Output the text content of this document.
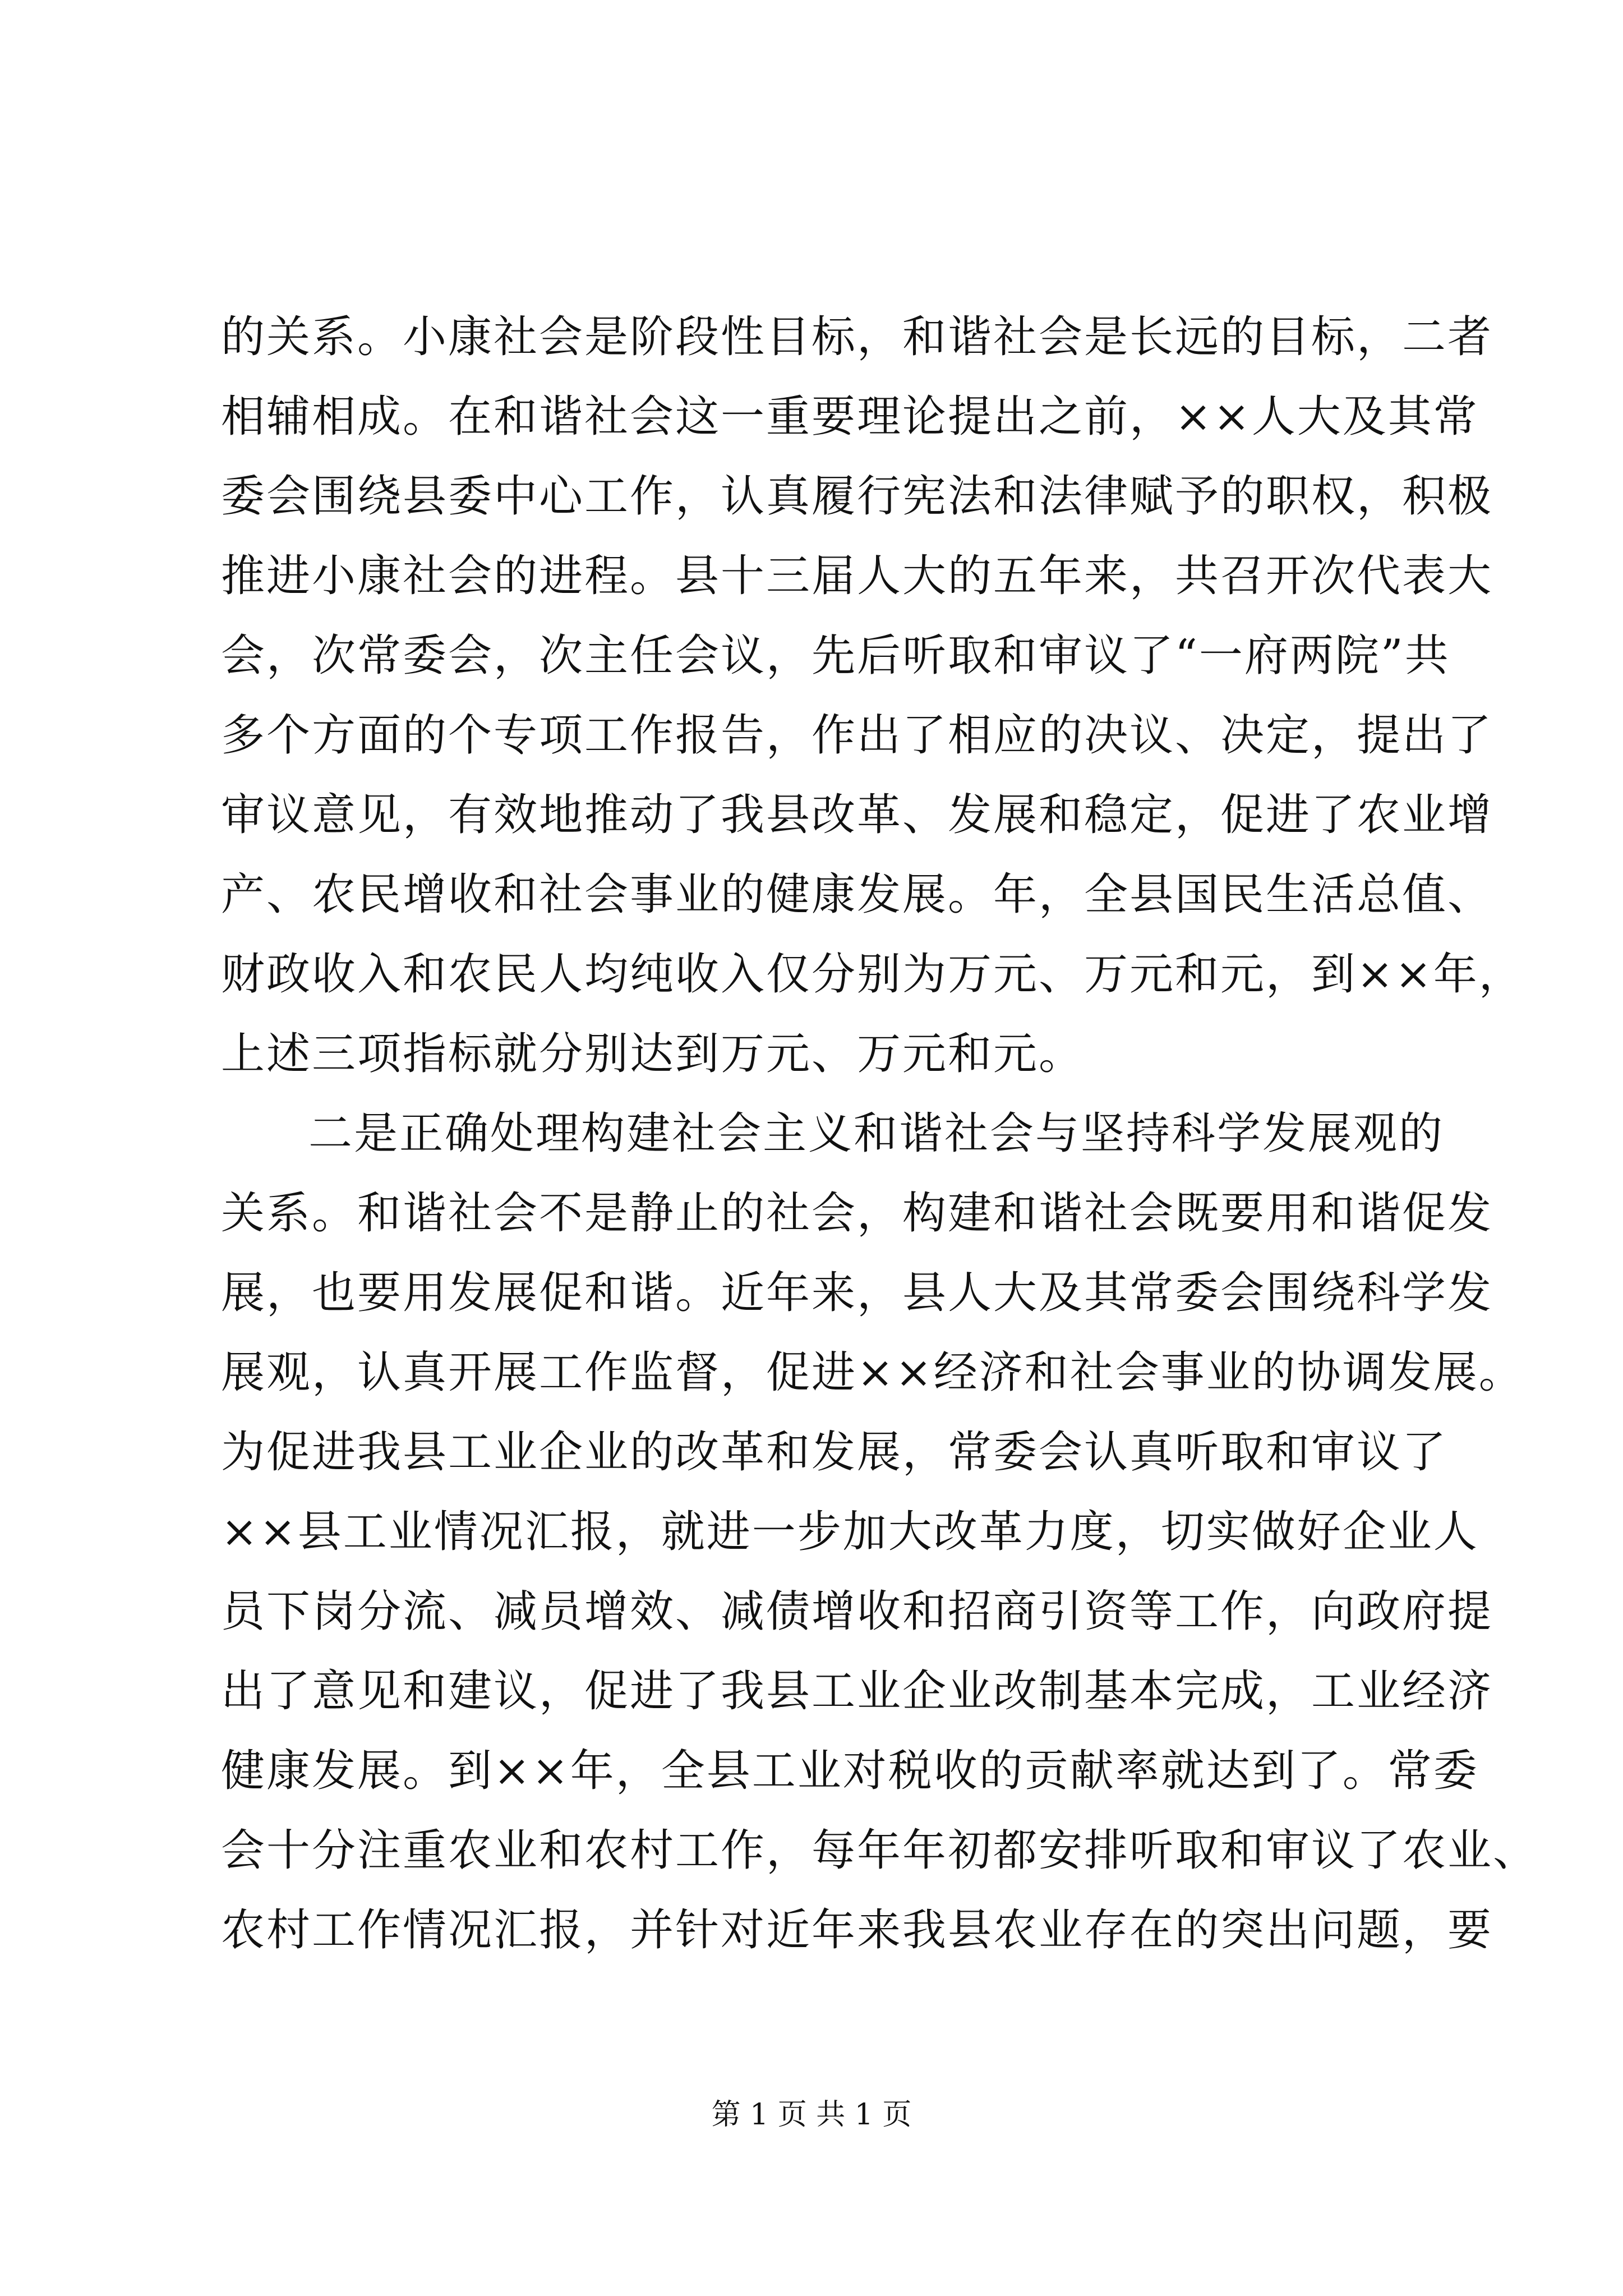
的关系。小康社会是阶段性目标，和谐社会是长远的目标，二者
相辅相成。在和谐社会这一重要理论提出之前，××人大及其常
委会围绕县委中心工作，认真履行宪法和法律赋予的职权，积极
推进小康社会的进程。县十三届人大的五年来，共召开次代表大
会，次常委会，次主任会议，先后听取和审议了“一府两院”共
多个方面的个专项工作报告，作出了相应的决议、决定，提出了
审议意见，有效地推动了我县改革、发展和稳定，促进了农业增
产、农民增收和社会事业的健康发展。年，全县国民生活总值、
财政收入和农民人均纯收入仅分别为万元、万元和元，到××年，
上述三项指标就分别达到万元、万元和元。
二是正确处理构建社会主义和谐社会与坚持科学发展观的
关系。和谐社会不是静止的社会，构建和谐社会既要用和谐促发
展，也要用发展促和谐。近年来，县人大及其常委会围绕科学发
展观，认真开展工作监督，促进××经济和社会事业的协调发展。
为促进我县工业企业的改革和发展，常委会认真听取和审议了
××县工业情况汇报，就进一步加大改革力度，切实做好企业人
员下岗分流、减员增效、减债增收和招商引资等工作，向政府提
出了意见和建议，促进了我县工业企业改制基本完成，工业经济
健康发展。到××年，全县工业对税收的贡献率就达到了。常委
会十分注重农业和农村工作，每年年初都安排听取和审议了农业、
农村工作情况汇报，并针对近年来我县农业存在的突出问题，要
第 1 页 共 1 页
